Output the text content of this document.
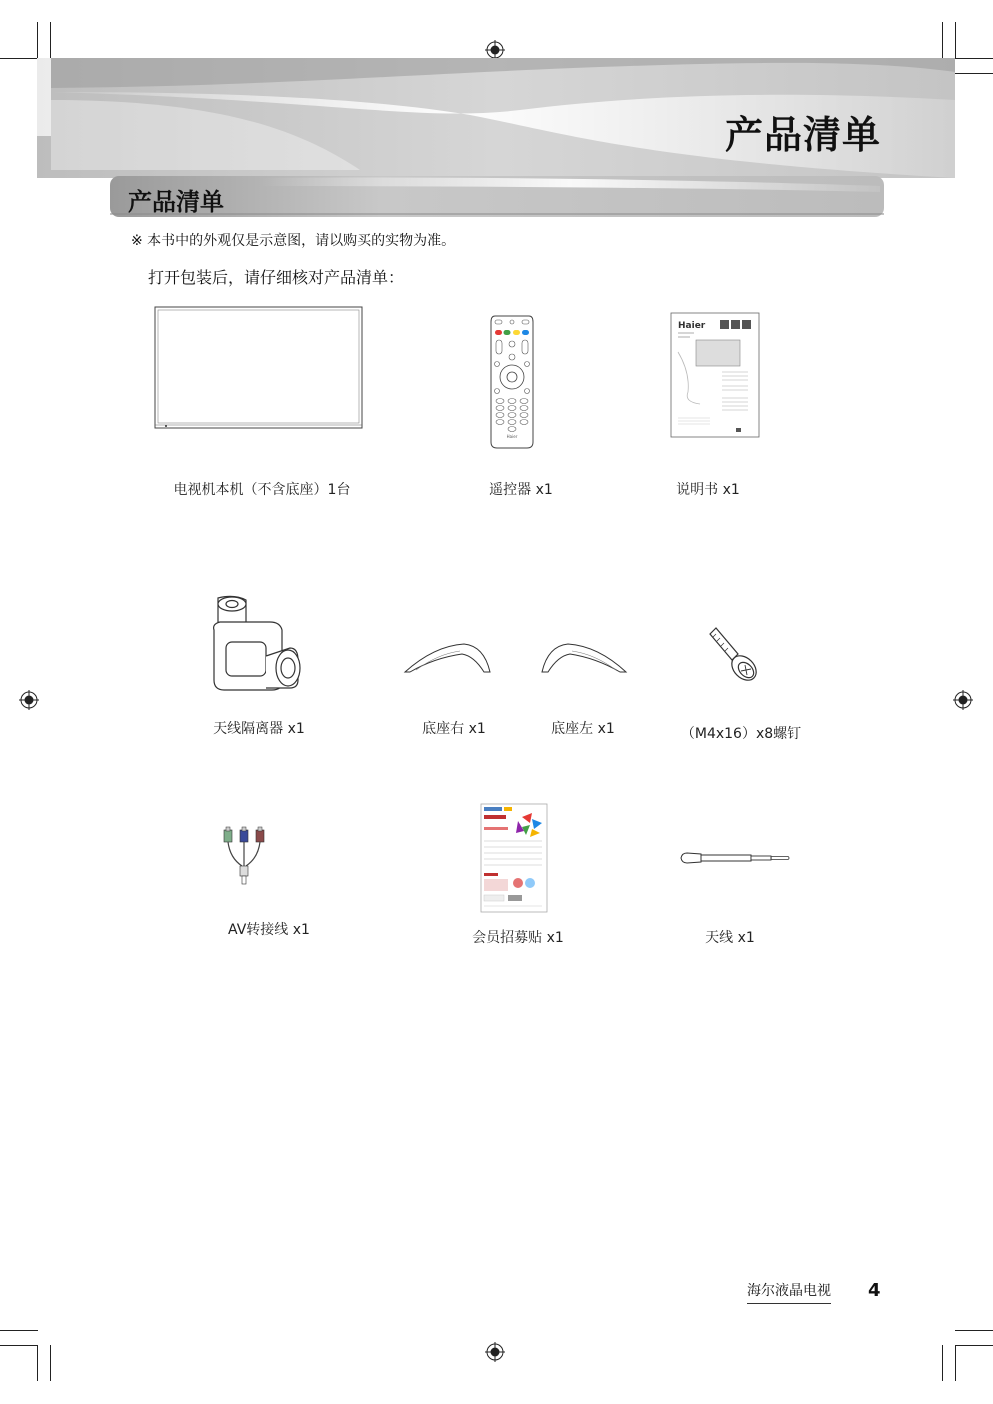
产品清单
产品清单
※ 本书中的外观仅是示意图，请以购买的实物为准。
打开包装后，请仔细核对产品清单：
电视机本机（不含底座）1台
Haier
遥控器 x1
Haier
说明书 x1
天线隔离器 x1	底座右 x1	底座左 x1	（M4x16）x8螺钉
AV转接线 x1	会员招募贴 x1	天线 x1
海尔液晶电视 4
